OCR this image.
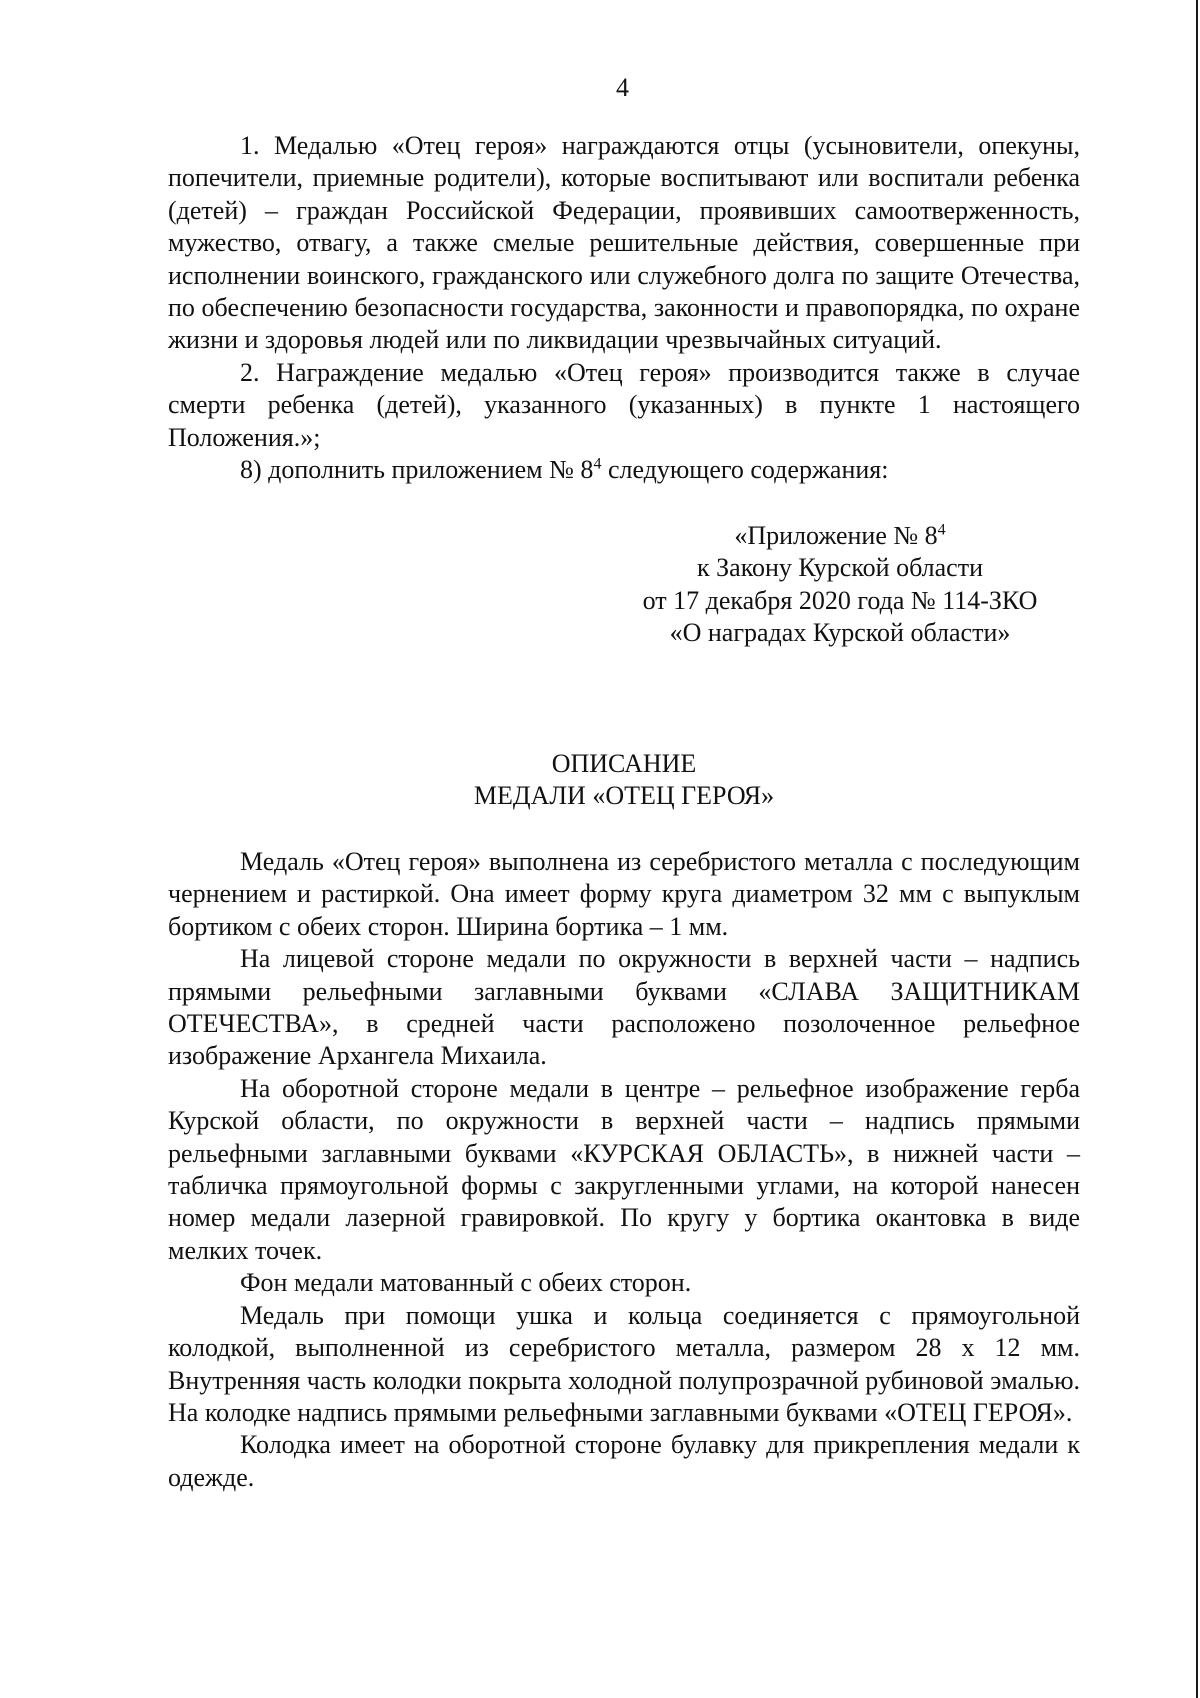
4

1. Медалью «Отец героя» награждаются отцы (усыновители, опекуны, попечители, приемные родители), которые воспитывают или воспитали ребенка (детей) – граждан Российской Федерации, проявивших самоотверженность, мужество, отвагу, а также смелые решительные действия, совершенные при исполнении воинского, гражданского или служебного долга по защите Отечества, по обеспечению безопасности государства, законности и правопорядка, по охране жизни и здоровья людей или по ликвидации чрезвычайных ситуаций.

2. Награждение медалью «Отец героя» производится также в случае смерти ребенка (детей), указанного (указанных) в пункте 1 настоящего Положения.»;

8) дополнить приложением № $8^4$ следующего содержания:

«Приложение № $8^4$
к Закону Курской области
от 17 декабря 2020 года № 114-ЗКО
«О наградах Курской области»
ОПИСАНИЕ
МЕДАЛИ «ОТЕЦ ГЕРОЯ»

Медаль «Отец героя» выполнена из серебристого металла с последующим чернением и растиркой. Она имеет форму круга диаметром 32 мм с выпуклым бортиком с обеих сторон. Ширина бортика – 1 мм.

На лицевой стороне медали по окружности в верхней части – надпись прямыми рельефными заглавными буквами «СЛАВА ЗАЩИТНИКАМ ОТЕЧЕСТВА», в средней части расположено позолоченное рельефное изображение Архангела Михаила.

На оборотной стороне медали в центре – рельефное изображение герба Курской области, по окружности в верхней части – надпись прямыми рельефными заглавными буквами «КУРСКАЯ ОБЛАСТЬ», в нижней части – табличка прямоугольной формы с закругленными углами, на которой нанесен номер медали лазерной гравировкой. По кругу у бортика окантовка в виде мелких точек.

Фон медали матованный с обеих сторон.

Медаль при помощи ушка и кольца соединяется с прямоугольной колодкой, выполненной из серебристого металла, размером 28 х 12 мм. Внутренняя часть колодки покрыта холодной полупрозрачной рубиновой эмалью. На колодке надпись прямыми рельефными заглавными буквами «ОТЕЦ ГЕРОЯ».

Колодка имеет на оборотной стороне булавку для прикрепления медали к одежде.
